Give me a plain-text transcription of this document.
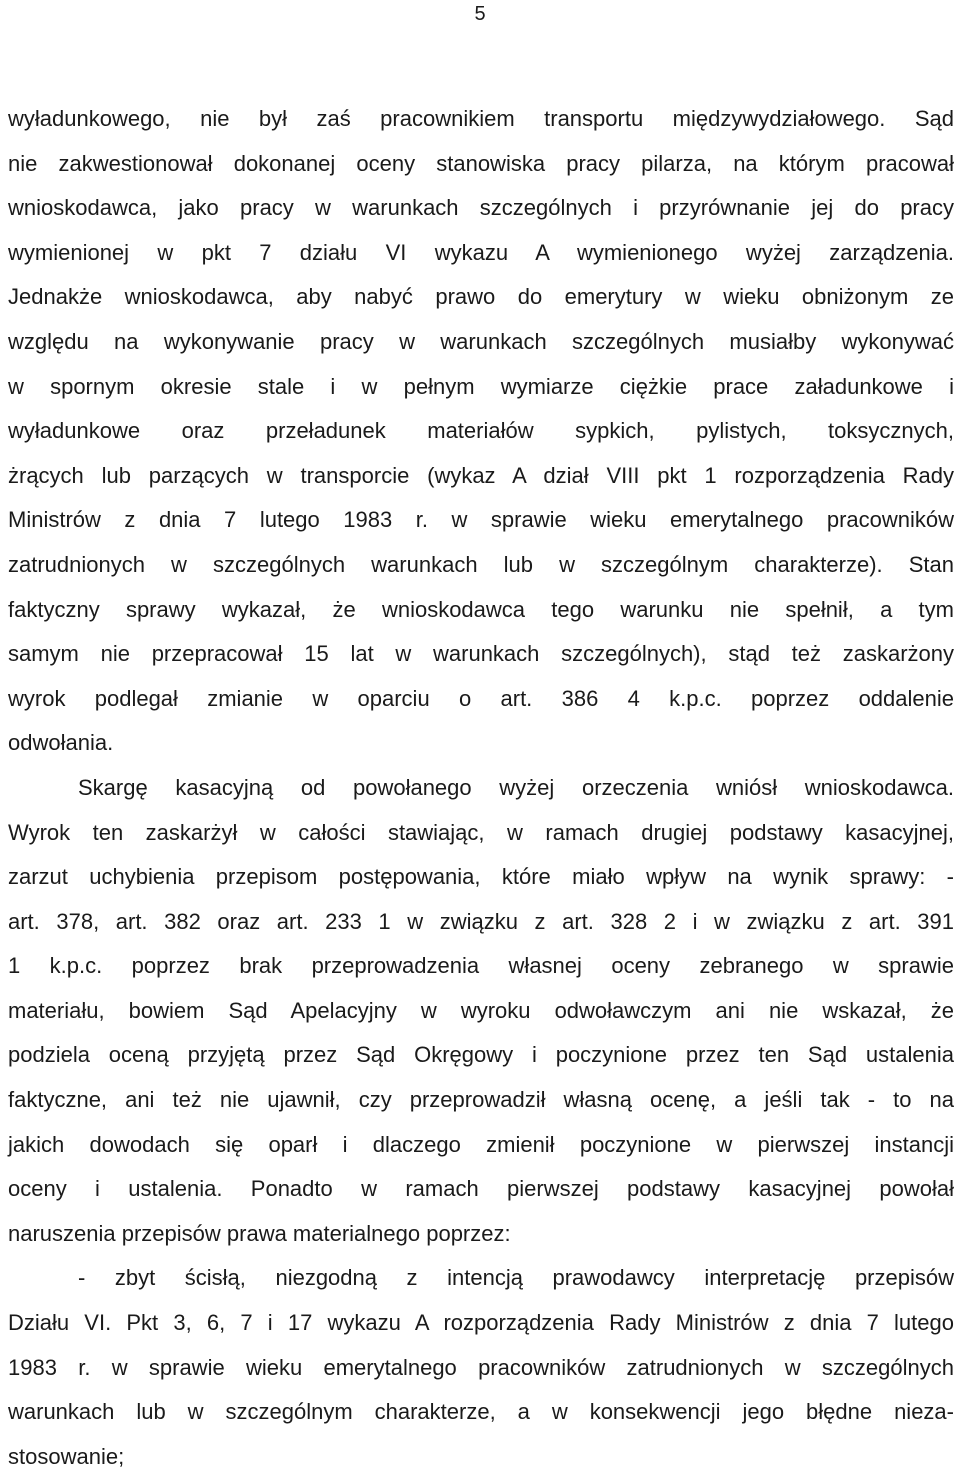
5
wyładunkowego, nie był zaś pracownikiem transportu międzywydziałowego. Sąd
nie zakwestionował dokonanej oceny stanowiska pracy pilarza, na którym pracował
wnioskodawca, jako pracy w warunkach szczególnych i przyrównanie jej do pracy
wymienionej w pkt 7 działu VI wykazu A wymienionego wyżej zarządzenia.
Jednakże wnioskodawca, aby nabyć prawo do emerytury w wieku obniżonym ze
względu na wykonywanie pracy w warunkach szczególnych musiałby wykonywać
w spornym okresie stale i w pełnym wymiarze ciężkie prace załadunkowe i
wyładunkowe oraz przeładunek materiałów sypkich, pylistych, toksycznych,
żrących lub parzących w transporcie (wykaz A dział VIII pkt 1 rozporządzenia Rady
Ministrów z dnia 7 lutego 1983 r. w sprawie wieku emerytalnego pracowników
zatrudnionych w szczególnych warunkach lub w szczególnym charakterze). Stan
faktyczny sprawy wykazał, że wnioskodawca tego warunku nie spełnił, a tym
samym nie przepracował 15 lat w warunkach szczególnych), stąd też zaskarżony
wyrok podlegał zmianie w oparciu o art. 386 4 k.p.c. poprzez oddalenie
odwołania.
Skargę kasacyjną od powołanego wyżej orzeczenia wniósł wnioskodawca.
Wyrok ten zaskarżył w całości stawiając, w ramach drugiej podstawy kasacyjnej,
zarzut uchybienia przepisom postępowania, które miało wpływ na wynik sprawy: -
art. 378, art. 382 oraz art. 233 1 w związku z art. 328 2 i w związku z art. 391
1 k.p.c. poprzez brak przeprowadzenia własnej oceny zebranego w sprawie
materiału, bowiem Sąd Apelacyjny w wyroku odwoławczym ani nie wskazał, że
podziela oceną przyjętą przez Sąd Okręgowy i poczynione przez ten Sąd ustalenia
faktyczne, ani też nie ujawnił, czy przeprowadził własną ocenę, a jeśli tak - to na
jakich dowodach się oparł i dlaczego zmienił poczynione w pierwszej instancji
oceny i ustalenia. Ponadto w ramach pierwszej podstawy kasacyjnej powołał
naruszenia przepisów prawa materialnego poprzez:
- zbyt ścisłą, niezgodną z intencją prawodawcy interpretację przepisów
Działu VI. Pkt 3, 6, 7 i 17 wykazu A rozporządzenia Rady Ministrów z dnia 7 lutego
1983 r. w sprawie wieku emerytalnego pracowników zatrudnionych w szczególnych
warunkach lub w szczególnym charakterze, a w konsekwencji jego błędne nieza-
stosowanie;
